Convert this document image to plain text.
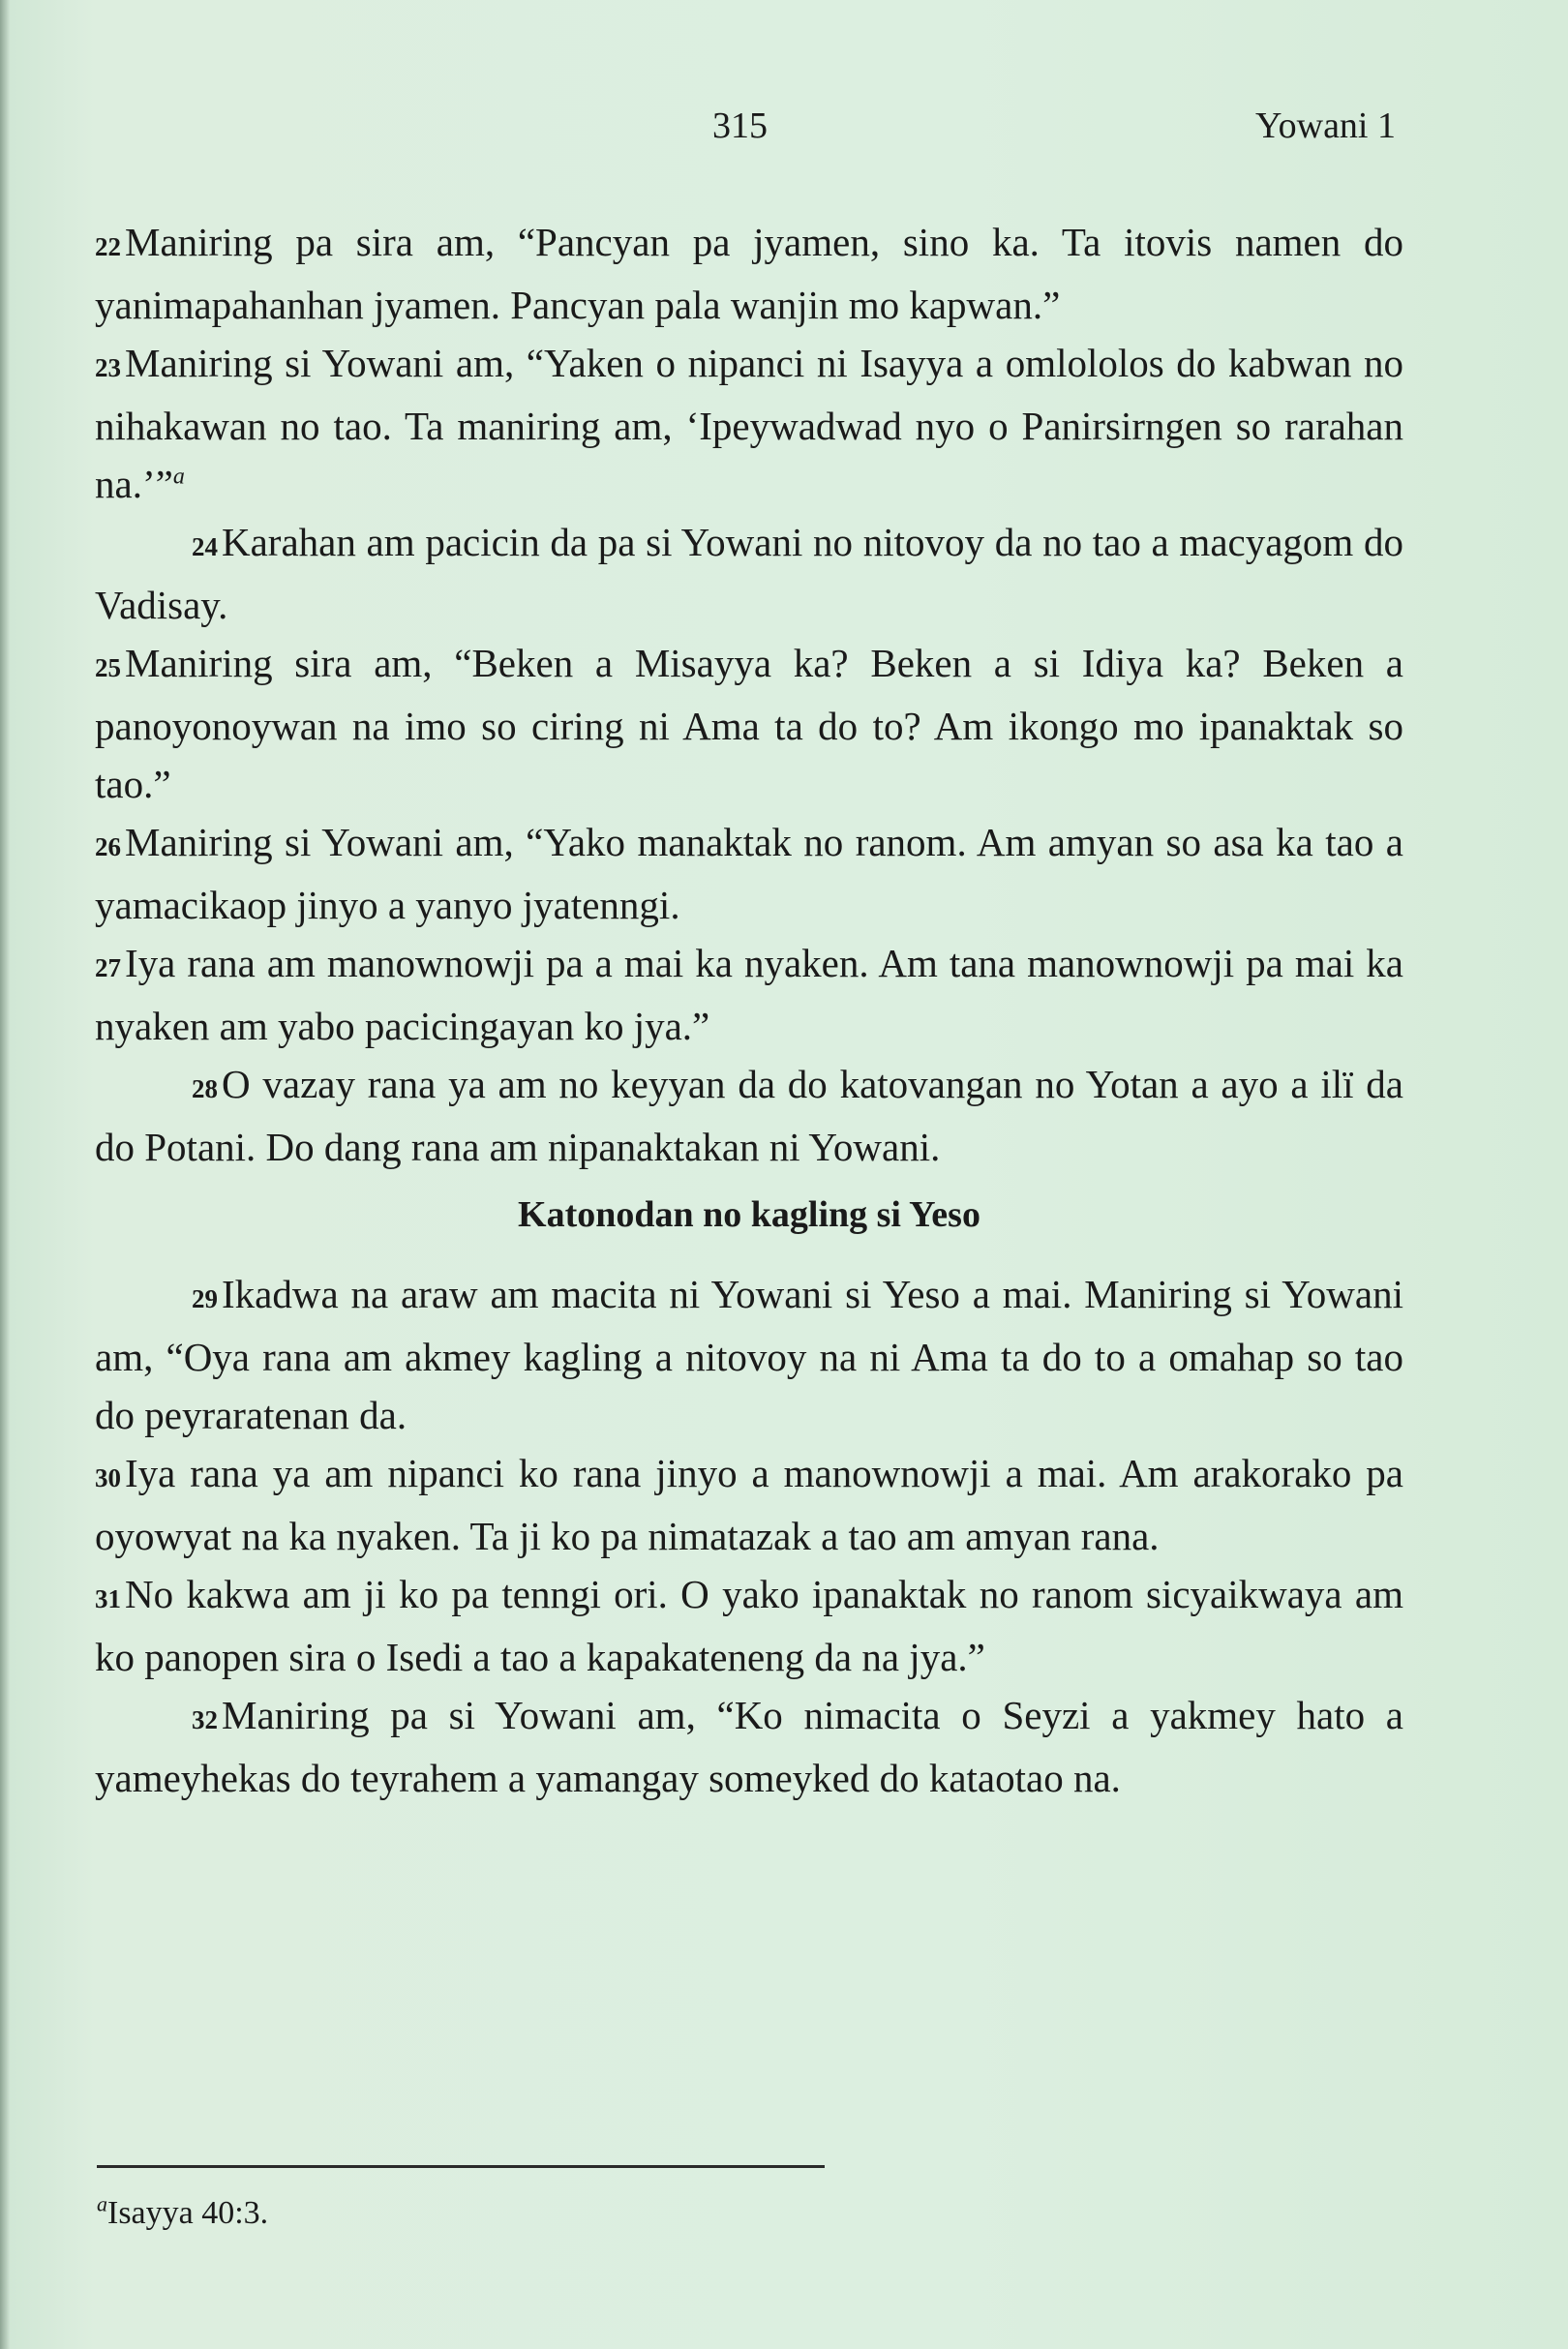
315	Yowani 1

22Maniring pa sira am, “Pancyan pa jyamen, sino ka. Ta itovis namen do yanimapahanhan jyamen. Pancyan pala wanjin mo kapwan.”

23Maniring si Yowani am, “Yaken o nipanci ni Isayya a omlololos do kabwan no nihakawan no tao. Ta maniring am, ‘Ipeywadwad nyo o Panirsirngen so rarahan na.’”$^a$

24Karahan am pacicin da pa si Yowani no nitovoy da no tao a macyagom do Vadisay.

25Maniring sira am, “Beken a Misayya ka? Beken a si Idiya ka? Beken a panoyonoywan na imo so ciring ni Ama ta do to? Am ikongo mo ipanaktak so tao.”

26Maniring si Yowani am, “Yako manaktak no ranom. Am amyan so asa ka tao a yamacikaop jinyo a yanyo jyatenngi.

27Iya rana am manownowji pa a mai ka nyaken. Am tana manownowji pa mai ka nyaken am yabo pacicingayan ko jya.”

28O vazay rana ya am no keyyan da do katovangan no Yotan a ayo a ilï da do Potani. Do dang rana am nipanaktakan ni Yowani.

Katonodan no kagling si Yeso

29Ikadwa na araw am macita ni Yowani si Yeso a mai. Maniring si Yowani am, “Oya rana am akmey kagling a nitovoy na ni Ama ta do to a omahap so tao do peyraratenan da.

30Iya rana ya am nipanci ko rana jinyo a manownowji a mai. Am arakorako pa oyowyat na ka nyaken. Ta ji ko pa nimatazak a tao am amyan rana.

31No kakwa am ji ko pa tenngi ori. O yako ipanaktak no ranom sicyaikwaya am ko panopen sira o Isedi a tao a kapakateneng da na jya.”

32Maniring pa si Yowani am, “Ko nimacita o Seyzi a yakmey hato a yameyhekas do teyrahem a yamangay someyked do kataotao na.

$^a$Isayya 40:3.
